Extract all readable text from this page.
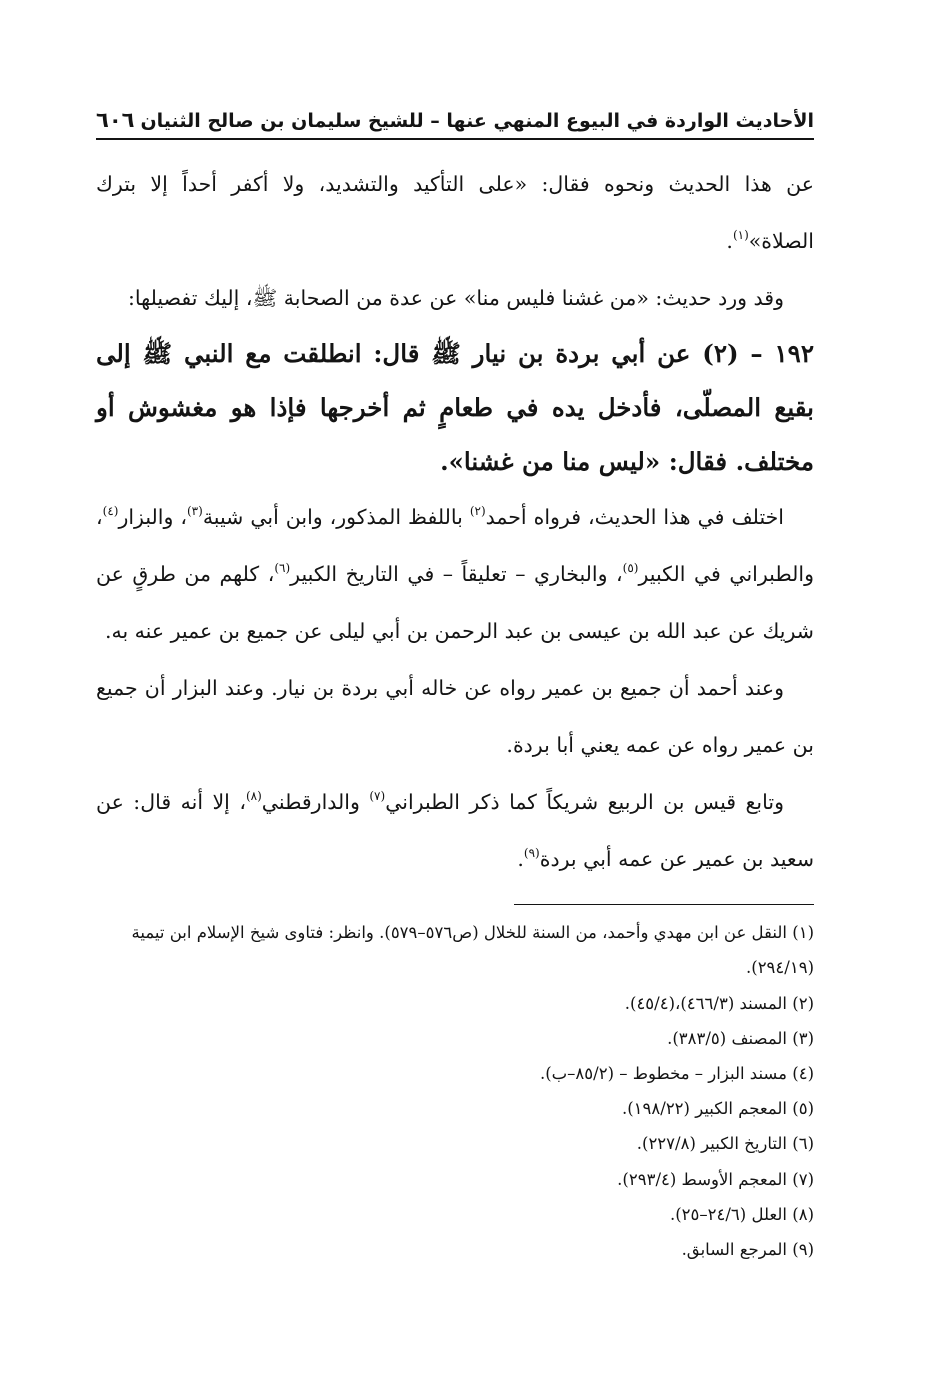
الأحاديث الواردة في البيوع المنهي عنها – للشيخ سليمان بن صالح الثنيان
٦٠٦

عن هذا الحديث ونحوه فقال: «على التأكيد والتشديد، ولا أكفر أحداً إلا بترك الصلاة»$^{(١)}$.

وقد ورد حديث: «من غشنا فليس منا» عن عدة من الصحابة ﷺ، إليك تفصيلها:

١٩٢ – (٢) عن أبي بردة بن نيار ﷺ قال: انطلقت مع النبي ﷺ إلى بقيع المصلّى، فأدخل يده في طعامٍ ثم أخرجها فإذا هو مغشوش أو مختلف. فقال: «ليس منا من غشنا».

اختلف في هذا الحديث، فرواه أحمد$^{(٢)}$ باللفظ المذكور، وابن أبي شيبة$^{(٣)}$، والبزار$^{(٤)}$، والطبراني في الكبير$^{(٥)}$، والبخاري – تعليقاً – في التاريخ الكبير$^{(٦)}$، كلهم من طرقٍ عن شريك عن عبد الله بن عيسى بن عبد الرحمن بن أبي ليلى عن جميع بن عمير عنه به.

وعند أحمد أن جميع بن عمير رواه عن خاله أبي بردة بن نيار. وعند البزار أن جميع بن عمير رواه عن عمه يعني أبا بردة.

وتابع قيس بن الربيع شريكاً كما ذكر الطبراني$^{(٧)}$ والدارقطني$^{(٨)}$، إلا أنه قال: عن سعيد بن عمير عن عمه أبي بردة$^{(٩)}$.

(١) النقل عن ابن مهدي وأحمد، من السنة للخلال (ص٥٧٦–٥٧٩). وانظر: فتاوى شيخ الإسلام ابن تيمية (٢٩٤/١٩).

(٢) المسند (٤٦٦/٣)،(٤٥/٤).

(٣) المصنف (٣٨٣/٥).

(٤) مسند البزار – مخطوط – (٨٥/٢–ب).

(٥) المعجم الكبير (١٩٨/٢٢).

(٦) التاريخ الكبير (٢٢٧/٨).

(٧) المعجم الأوسط (٢٩٣/٤).

(٨) العلل (٢٤/٦–٢٥).

(٩) المرجع السابق.
